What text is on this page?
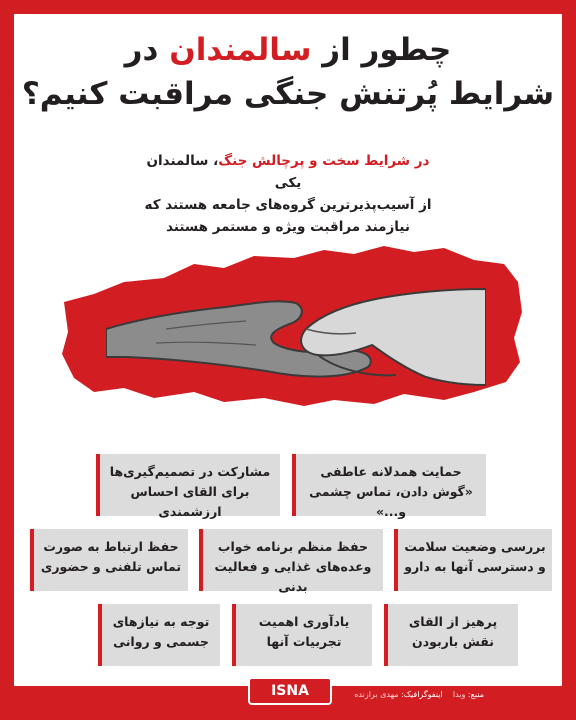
چطور از سالمندان در
شرایط پُرتنش جنگی مراقبت کنیم؟
در شرایط سخت و پرچالش جنگ، سالمندان یکی
از آسیب‌پذیرترین گروه‌های جامعه هستند که
نیازمند مراقبت ویژه و مستمر هستند
حمایت همدلانه عاطفی
«گوش دادن، تماس چشمی و...»
مشارکت در تصمیم‌گیری‌ها
برای القای احساس ارزشمندی
بررسی وضعیت سلامت
و دسترسی آنها به دارو
حفظ منظم برنامه خواب
وعده‌های غذایی و فعالیت بدنی
حفظ ارتباط به صورت
تماس تلفنی و حضوری
پرهیز از القای
نقش باربودن
یادآوری اهمیت
تجربیات آنها
توجه به نیازهای
جسمی و روانی
ISNA	منبع: وبدا    اینفوگرافیک: مهدی برازنده
